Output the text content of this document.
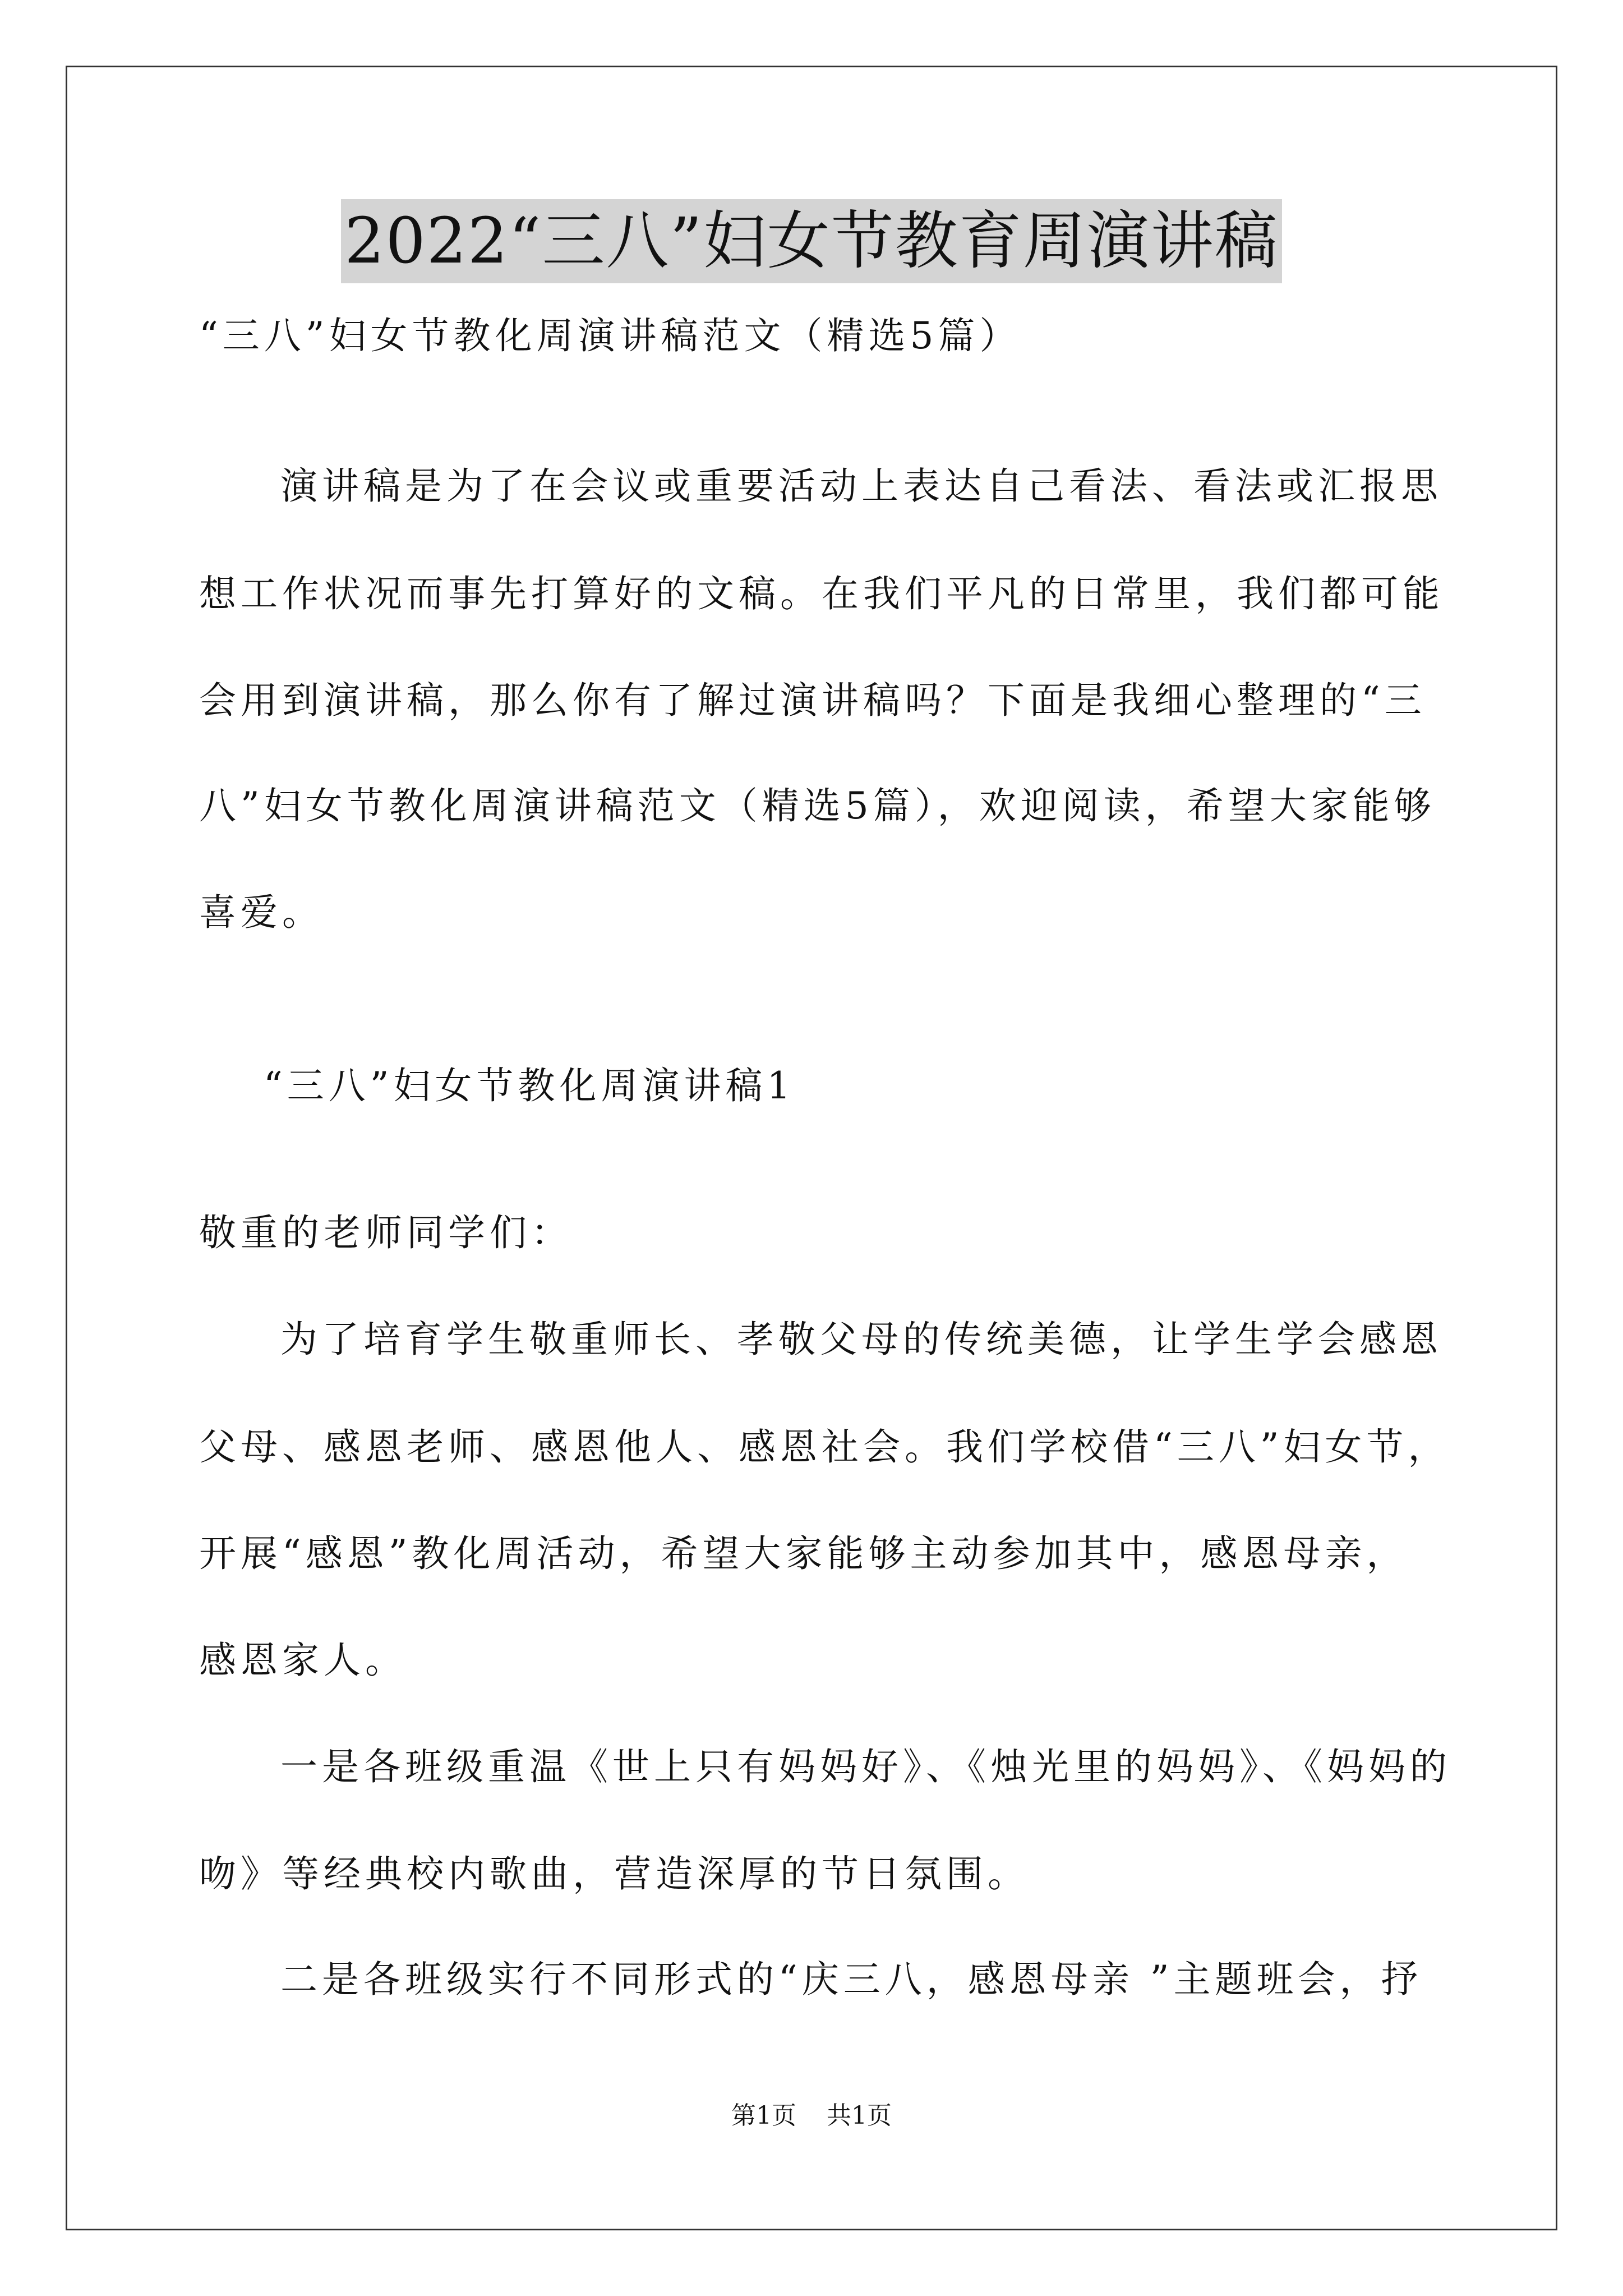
2022“三八”妇女节教育周演讲稿
“三八”妇女节教化周演讲稿范文（精选5篇）
演讲稿是为了在会议或重要活动上表达自己看法、看法或汇报思
想工作状况而事先打算好的文稿。在我们平凡的日常里，我们都可能
会用到演讲稿，那么你有了解过演讲稿吗？下面是我细心整理的“三
八”妇女节教化周演讲稿范文（精选5篇），欢迎阅读，希望大家能够
喜爱。
“三八”妇女节教化周演讲稿1
敬重的老师同学们：
为了培育学生敬重师长、孝敬父母的传统美德，让学生学会感恩
父母、感恩老师、感恩他人、感恩社会。我们学校借“三八”妇女节，
开展“感恩”教化周活动，希望大家能够主动参加其中，感恩母亲，
感恩家人。
一是各班级重温《世上只有妈妈好》、《烛光里的妈妈》、《妈妈的
吻》等经典校内歌曲，营造深厚的节日氛围。
二是各班级实行不同形式的“庆三八，感恩母亲 ”主题班会，抒
第1页 共1页
